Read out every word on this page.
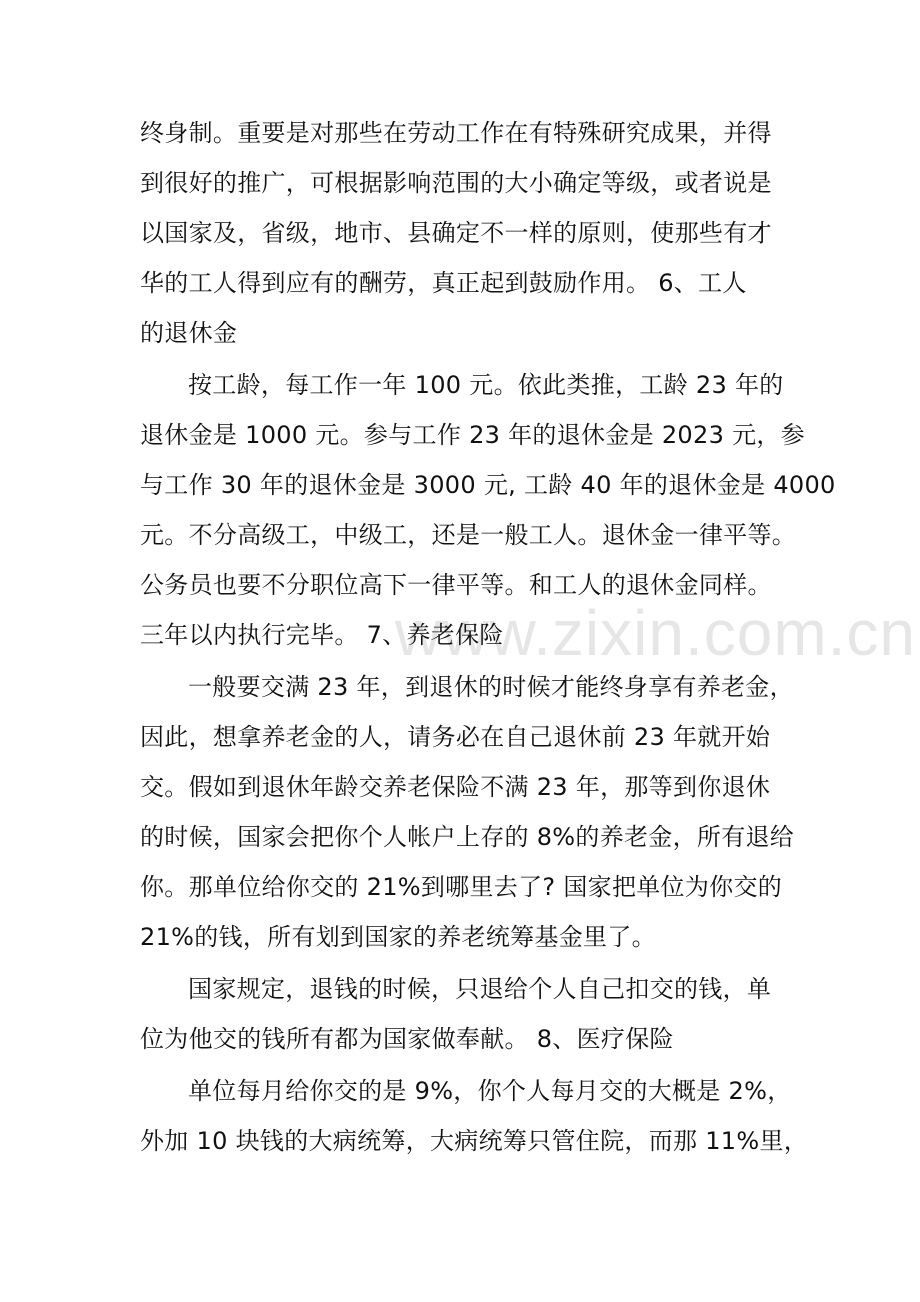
www.zixin.com.cn
终身制。重要是对那些在劳动工作在有特殊研究成果，并得
到很好的推广，可根据影响范围的大小确定等级，或者说是
以国家及，省级，地市、县确定不一样的原则，使那些有才
华的工人得到应有的酬劳，真正起到鼓励作用。 6、工人
的退休金
按工龄，每工作一年 100 元。依此类推，工龄 23 年的
退休金是 1000 元。参与工作 23 年的退休金是 2023 元，参
与工作 30 年的退休金是 3000 元, 工龄 40 年的退休金是 4000
元。不分高级工，中级工，还是一般工人。退休金一律平等。
公务员也要不分职位高下一律平等。和工人的退休金同样。
三年以内执行完毕。 7、养老保险
一般要交满 23 年，到退休的时候才能终身享有养老金，
因此，想拿养老金的人，请务必在自己退休前 23 年就开始
交。假如到退休年龄交养老保险不满 23 年，那等到你退休
的时候，国家会把你个人帐户上存的 8%的养老金，所有退给
你。那单位给你交的 21%到哪里去了? 国家把单位为你交的
21%的钱，所有划到国家的养老统筹基金里了。
国家规定，退钱的时候，只退给个人自己扣交的钱，单
位为他交的钱所有都为国家做奉献。 8、医疗保险
单位每月给你交的是 9%，你个人每月交的大概是 2%，
外加 10 块钱的大病统筹，大病统筹只管住院，而那 11%里，
